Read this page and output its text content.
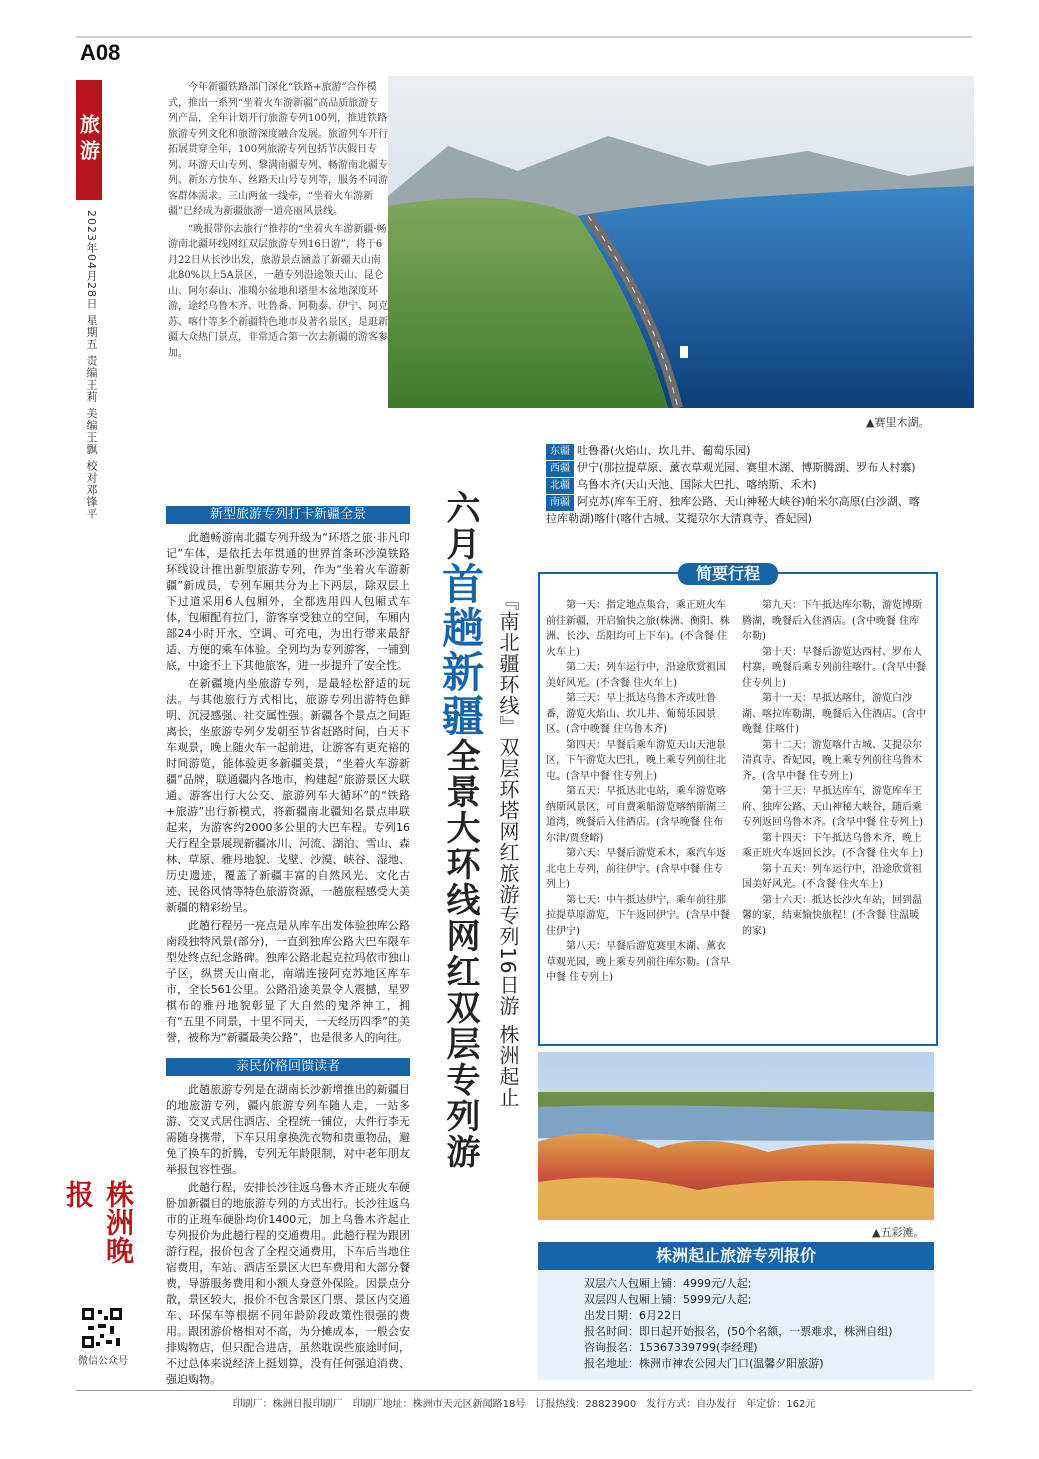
A08
旅游
2023年04月28日 星期五 责编王莉 美编王飘 校对邓锋平

今年新疆铁路部门深化“铁路+旅游”合作模式，推出一系列“坐着火车游新疆”高品质旅游专列产品，全年计划开行旅游专列100列，推进铁路旅游专列文化和旅游深度融合发展。旅游列车开行拓展贯穿全年，100列旅游专列包括节庆假日专列、环游天山专列、黎满南疆专列、畅游南北疆专列、新东方快车、丝路天山号专列等，服务不同游客群体需求。三山两盆一线牵，“坐着火车游新疆”已经成为新疆旅游一道亮丽风景线。

“晚报带你去旅行”推荐的“坐着火车游新疆·畅游南北疆环线网红双层旅游专列16日游”，将于6月22日从长沙出发，旅游景点涵盖了新疆天山南北80%以上5A景区，一趟专列沿途领天山、昆仑山、阿尔泰山、准噶尔盆地和塔里木盆地深度环游，途经乌鲁木齐、吐鲁番、阿勒泰、伊宁、阿克苏、喀什等多个新疆特色地市及著名景区，是逛新疆大众热门景点，非常适合第一次去新疆的游客参加。

▲赛里木湖。
东疆 吐鲁番(火焰山、坎儿井、葡萄乐园)
西疆 伊宁(那拉提草原、薰衣草观光园、赛里木湖、博斯腾湖、罗布人村寨)
北疆 乌鲁木齐(天山天池、国际大巴扎、喀纳斯、禾木)
南疆 阿克苏(库车王府、独库公路、天山神秘大峡谷)帕米尔高原(白沙湖、喀拉库勒湖)喀什(喀什古城、艾提尕尔大清真寺、香妃园)
新型旅游专列打卡新疆全景

此趟畅游南北疆专列升级为“环塔之旅·非凡印记”车体，是依托去年贯通的世界首条环沙漠铁路环线设计推出新型旅游专列，作为“坐着火车游新疆”新成员，专列车厢共分为上下两层，除双层上下过道采用6人包厢外，全都选用四人包厢式车体，包厢配有拉门，游客享受独立的空间，车厢内部24小时开水、空调、可充电，为出行带来最舒适、方便的乘车体验。全列均为专列游客，一铺到底，中途不上下其他旅客，进一步提升了安全性。

在新疆境内坐旅游专列，是最轻松舒适的玩法。与其他旅行方式相比，旅游专列出游特色鲜明、沉浸感强、社交属性强。新疆各个景点之间距离长，坐旅游专列夕发朝至节省赶路时间，白天下车观景，晚上随火车一起前进，让游客有更充裕的时间游览，能体验更多新疆美景，“坐着火车游新疆”品牌，联通疆内各地市，构建起“旅游景区大联通、游客出行大公交、旅游列车大循环”的“铁路+旅游”出行新模式，将新疆南北疆知名景点串联起来，为游客约2000多公里的大巴车程。专列16天行程全景展现新疆冰川、河流、湖泊、雪山、森林、草原、雅丹地貌、戈壁、沙漠、峡谷、湿地、历史遗迹，覆盖了新疆丰富的自然风光、文化古迹、民俗风情等特色旅游资源，一趟旅程感受大美新疆的精彩纷呈。

此趟行程另一亮点是从库车出发体验独库公路南段独特风景(部分)，一直到独库公路大巴车限车型处终点纪念路碑。独库公路北起克拉玛依市独山子区，纵贯天山南北，南端连接阿克苏地区库车市，全长561公里。公路沿途美景令人震撼，星罗棋布的雅丹地貌彰显了大自然的鬼斧神工，拥有“五里不同景，十里不同天，一天经历四季”的美誉，被称为“新疆最美公路”，也是很多人的向往。

亲民价格回馈读者

此趟旅游专列是在湖南长沙新增推出的新疆目的地旅游专列，疆内旅游专列车随人走，一站多游、交叉式居住酒店、全程统一铺位，大件行李无需随身携带，下车只用拿换洗衣物和贵重物品，避免了换车的折腾，专列无年龄限制，对中老年朋友举报包容性强。

此趟行程，安排长沙往返乌鲁木齐正班火车硬卧加新疆目的地旅游专列的方式出行。长沙往返乌市的正班车硬卧均价1400元，加上乌鲁木齐起止专列报价为此趟行程的交通费用。此趟行程为跟团游行程，报价包含了全程交通费用，下车后当地住宿费用，车站、酒店至景区大巴车费用和大部分餐费，导游服务费用和小额人身意外保险。因景点分散，景区较大，报价不包含景区门票、景区内交通车、环保车等根据不同年龄阶段政策性很强的费用。跟团游价格相对不高，为分摊成本，一般会安排购物店，但只配合进店，虽然耽误些旅途时间，不过总体来说经济上挺划算，没有任何强迫消费、强迫购物。

六月首趟新疆全景大环线网红双层专列游 『南北疆环线』双层环塔网红旅游专列16日游 株洲起止	第一天：指定地点集合，乘正班火车前往新疆，开启愉快之旅(株洲、衡阳、株洲、长沙、岳阳均可上下车)。(不含餐 住火车上)

第二天：列车运行中，沿途欣赏祖国美好风光。(不含餐 住火车上)

第三天：早上抵达乌鲁木齐或吐鲁番，游览火焰山、坎儿井、葡萄乐园景区。(含中晚餐 住乌鲁木齐)

第四天：早餐后乘车游览天山天池景区，下午游览大巴扎，晚上乘专列前往北屯。(含早中餐 住专列上)

第五天：早抵达北屯站，乘车游览喀纳斯风景区，可自费乘船游览喀纳斯湖三道湾，晚餐后入住酒店。(含早晚餐 住布尔津/贾登峪)

第六天：早餐后游览禾木，乘汽车返北屯上专列，前往伊宁。(含早中餐 住专列上)

第七天：中午抵达伊宁，乘车前往那拉提草原游览，下午返回伊宁。(含早中餐 住伊宁)

第八天：早餐后游览赛里木湖、薰衣草观光园，晚上乘专列前往库尔勒。(含早中餐 住专列上)

第九天：下午抵达库尔勒，游览博斯腾湖，晚餐后入住酒店。(含中晚餐 住库尔勒)

第十天：早餐后游览达西村、罗布人村寨，晚餐后乘专列前往喀什。(含早中餐 住专列上)

第十一天：早抵达喀什，游览白沙湖、喀拉库勒湖，晚餐后入住酒店。(含中晚餐 住喀什)

第十二天：游览喀什古城、艾提尕尔清真寺、香妃园，晚上乘专列前往乌鲁木齐。(含早中餐 住专列上)

第十三天：早抵达库车，游览库车王府、独库公路、天山神秘大峡谷，随后乘专列返回乌鲁木齐。(含早中餐 住专列上)

第十四天：下午抵达乌鲁木齐，晚上乘正班火车返回长沙。(不含餐 住火车上)

第十五天：列车运行中，沿途欣赏祖国美好风光。(不含餐 住火车上)

第十六天：抵达长沙火车站，回到温馨的家，结束愉快旅程！(不含餐 住温暖的家)

简要行程
▲五彩滩。
株洲起止旅游专列报价
双层六人包厢上铺：4999元/人起;
双层四人包厢上铺：5999元/人起;
出发日期：6月22日
报名时间：即日起开始报名，(50个名额，一票难求，株洲自组)
咨询报名：15367339799(李经理)
报名地址：株洲市神农公园大门口(温馨夕阳旅游)
株洲晚报
微信公众号
印刷厂：株洲日报印刷厂　印刷厂地址：株洲市天元区新闻路18号　订报热线：28823900　发行方式：自办发行　年定价：162元
